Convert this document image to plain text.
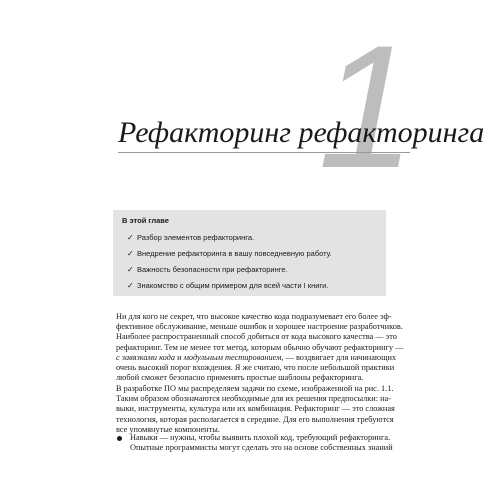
1
Рефакторинг рефакторинга
В этой главе
✓ Разбор элементов рефакторинга.
✓ Внедрение рефакторинга в вашу повседневную работу.
✓ Важность безопасности при рефакторинге.
✓ Знакомство с общим примером для всей части I книги.
Ни для кого не секрет, что высокое качество кода подразумевает его более эф-
фективное обслуживание, меньше ошибок и хорошее настроение разработчиков.
Наиболее распространенный способ добиться от кода высокого качества — это
рефакторинг. Тем не менее тот метод, которым обычно обучают рефакторингу —
с завязками кода и модульным тестированием, — воздвигает для начинающих
очень высокий порог вхождения. Я же считаю, что после небольшой практики
любой сможет безопасно применять простые шаблоны рефакторинга.
В разработке ПО мы распределяем задачи по схеме, изображенной на рис. 1.1.
Таким образом обозначаются необходимые для их решения предпосылки: на-
выки, инструменты, культура или их комбинация. Рефакторинг — это сложная
технология, которая располагается в середине. Для его выполнения требуются
все упомянутые компоненты.
Навыки — нужны, чтобы выявить плохой код, требующий рефакторинга.
Опытные программисты могут сделать это на основе собственных знаний
